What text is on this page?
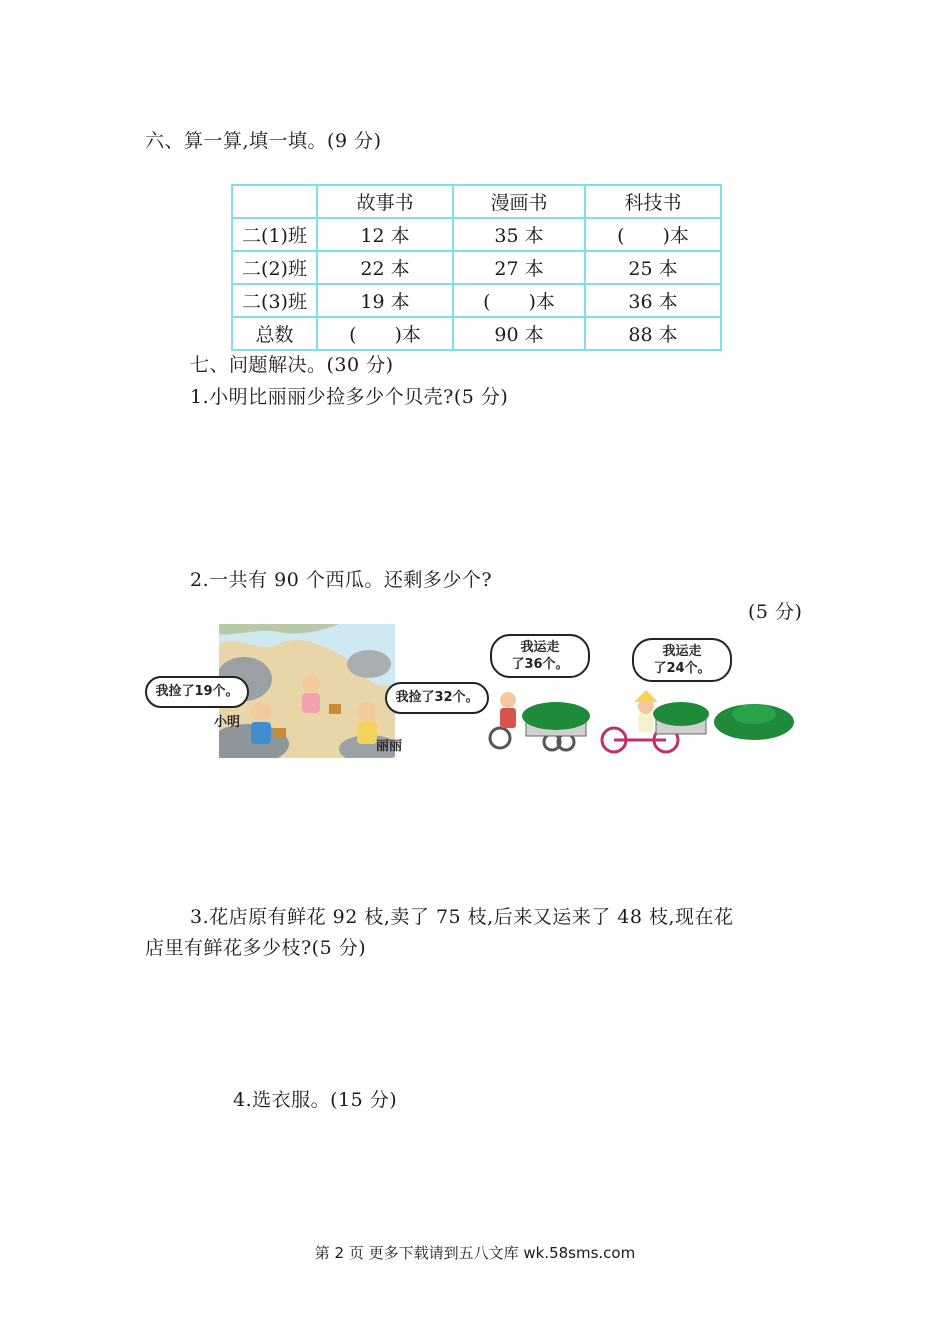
六、算一算,填一填。(9 分)
	故事书	漫画书	科技书
二(1)班	12 本	35 本	(　　)本
二(2)班	22 本	27 本	25 本
二(3)班	19 本	(　　)本	36 本
总数	(　　)本	90 本	88 本
七、问题解决。(30 分)
1.小明比丽丽少捡多少个贝壳?(5 分)
2.一共有 90 个西瓜。还剩多少个?
(5 分)
我捡了19个。	我捡了32个。
小明
丽丽
我运走
了36个。
我运走
了24个。
3.花店原有鲜花 92 枝,卖了 75 枝,后来又运来了 48 枝,现在花
店里有鲜花多少枝?(5 分)
4.选衣服。(15 分)
第 2 页 更多下载请到五八文库 wk.58sms.com
